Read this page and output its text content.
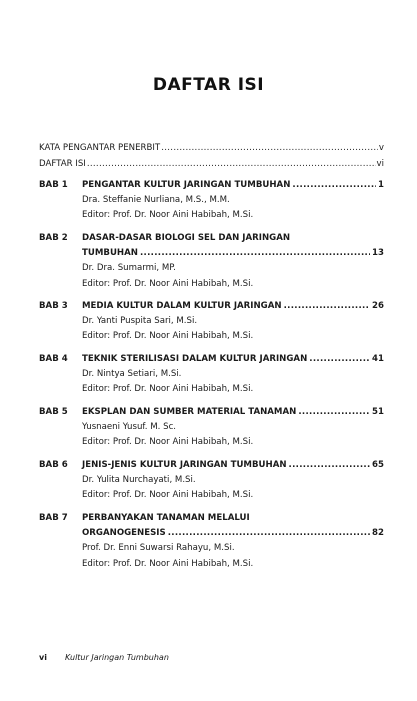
DAFTAR ISI
KATA PENGANTAR PENERBIT .....	v
DAFTAR ISI .....	vi
BAB 1	PENGANTAR KULTUR JARINGAN TUMBUHAN .....	1
Dra. Steffanie Nurliana, M.S., M.M.
Editor: Prof. Dr. Noor Aini Habibah, M.Si.
BAB 2	DASAR-DASAR BIOLOGI SEL DAN JARINGAN
TUMBUHAN .....	13
Dr. Dra. Sumarmi, MP.
Editor: Prof. Dr. Noor Aini Habibah, M.Si.
BAB 3	MEDIA KULTUR DALAM KULTUR JARINGAN .....	26
Dr. Yanti Puspita Sari, M.Si.
Editor: Prof. Dr. Noor Aini Habibah, M.Si.
BAB 4	TEKNIK STERILISASI DALAM KULTUR JARINGAN .....	41
Dr. Nintya Setiari, M.Si.
Editor: Prof. Dr. Noor Aini Habibah, M.Si.
BAB 5	EKSPLAN DAN SUMBER MATERIAL TANAMAN .....	51
Yusnaeni Yusuf. M. Sc.
Editor: Prof. Dr. Noor Aini Habibah, M.Si.
BAB 6	JENIS-JENIS KULTUR JARINGAN TUMBUHAN .....	65
Dr. Yulita Nurchayati, M.Si.
Editor: Prof. Dr. Noor Aini Habibah, M.Si.
BAB 7	PERBANYAKAN TANAMAN MELALUI
ORGANOGENESIS .....	82
Prof. Dr. Enni Suwarsi Rahayu, M.Si.
Editor: Prof. Dr. Noor Aini Habibah, M.Si.
vi Kultur Jaringan Tumbuhan
